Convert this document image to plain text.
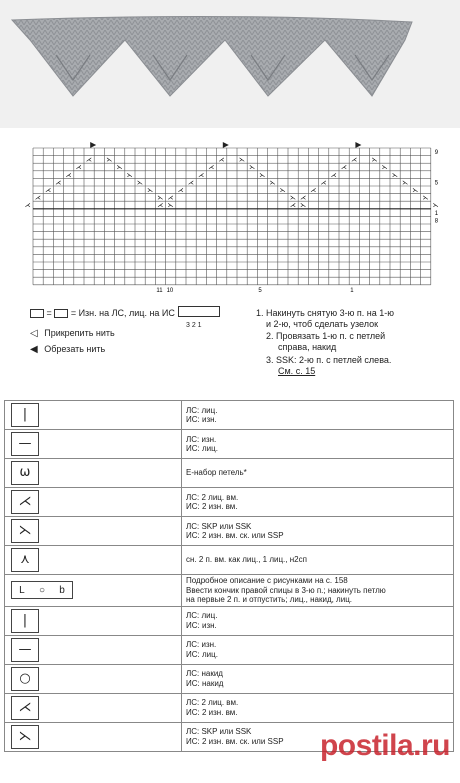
9
5
1
8
11 10	5	1
⋌ ⋋
⋌	⋋
⋌	⋋
⋌	⋋
⋌	⋋
⋌	⋋
⋌	⋋
⋌ ⋋
⋌	⋋
⋌	⋋
⋌	⋋
⋌	⋋
⋌	⋋
⋌	⋋
⋌ ⋋
⋌	⋋
⋌	⋋
⋌	⋋
⋌	⋋
⋌	⋋
⋌	⋋
= = Изн. на ЛС, лиц. на ИС
3 2 1
1. Накинуть снятую 3-ю п. на 1-ю
и 2-ю, чтоб сделать узелок
◁ Прикрепить нить	2. Провязать 1-ю п. с петлей
справа, накид
◀ Обрезать нить
3. SSK: 2-ю п. с петлей слева.
См. с. 15
|	ЛС: лиц.
ИС: изн.

—	ЛС: изн.
ИС: лиц.

ω	Е-набор петель*

⋌	ЛС: 2 лиц. вм.
ИС: 2 изн. вм.

⋋	ЛС: SKP или SSK
ИС: 2 изн. вм. ск. или SSP

⋏	сн. 2 п. вм. как лиц., 1 лиц., н2сп

L ○ b	Подробное описание с рисунками на с. 158
Ввести кончик правой спицы в 3-ю п.; накинуть петлю
на первые 2 п. и отпустить; лиц., накид, лиц.

|	ЛС: лиц.
ИС: изн.

—	ЛС: изн.
ИС: лиц.

○	ЛС: накид
ИС: накид

⋌	ЛС: 2 лиц. вм.
ИС: 2 изн. вм.

⋋	ЛС: SKP или SSK
ИС: 2 изн. вм. ск. или SSP postila.ru
